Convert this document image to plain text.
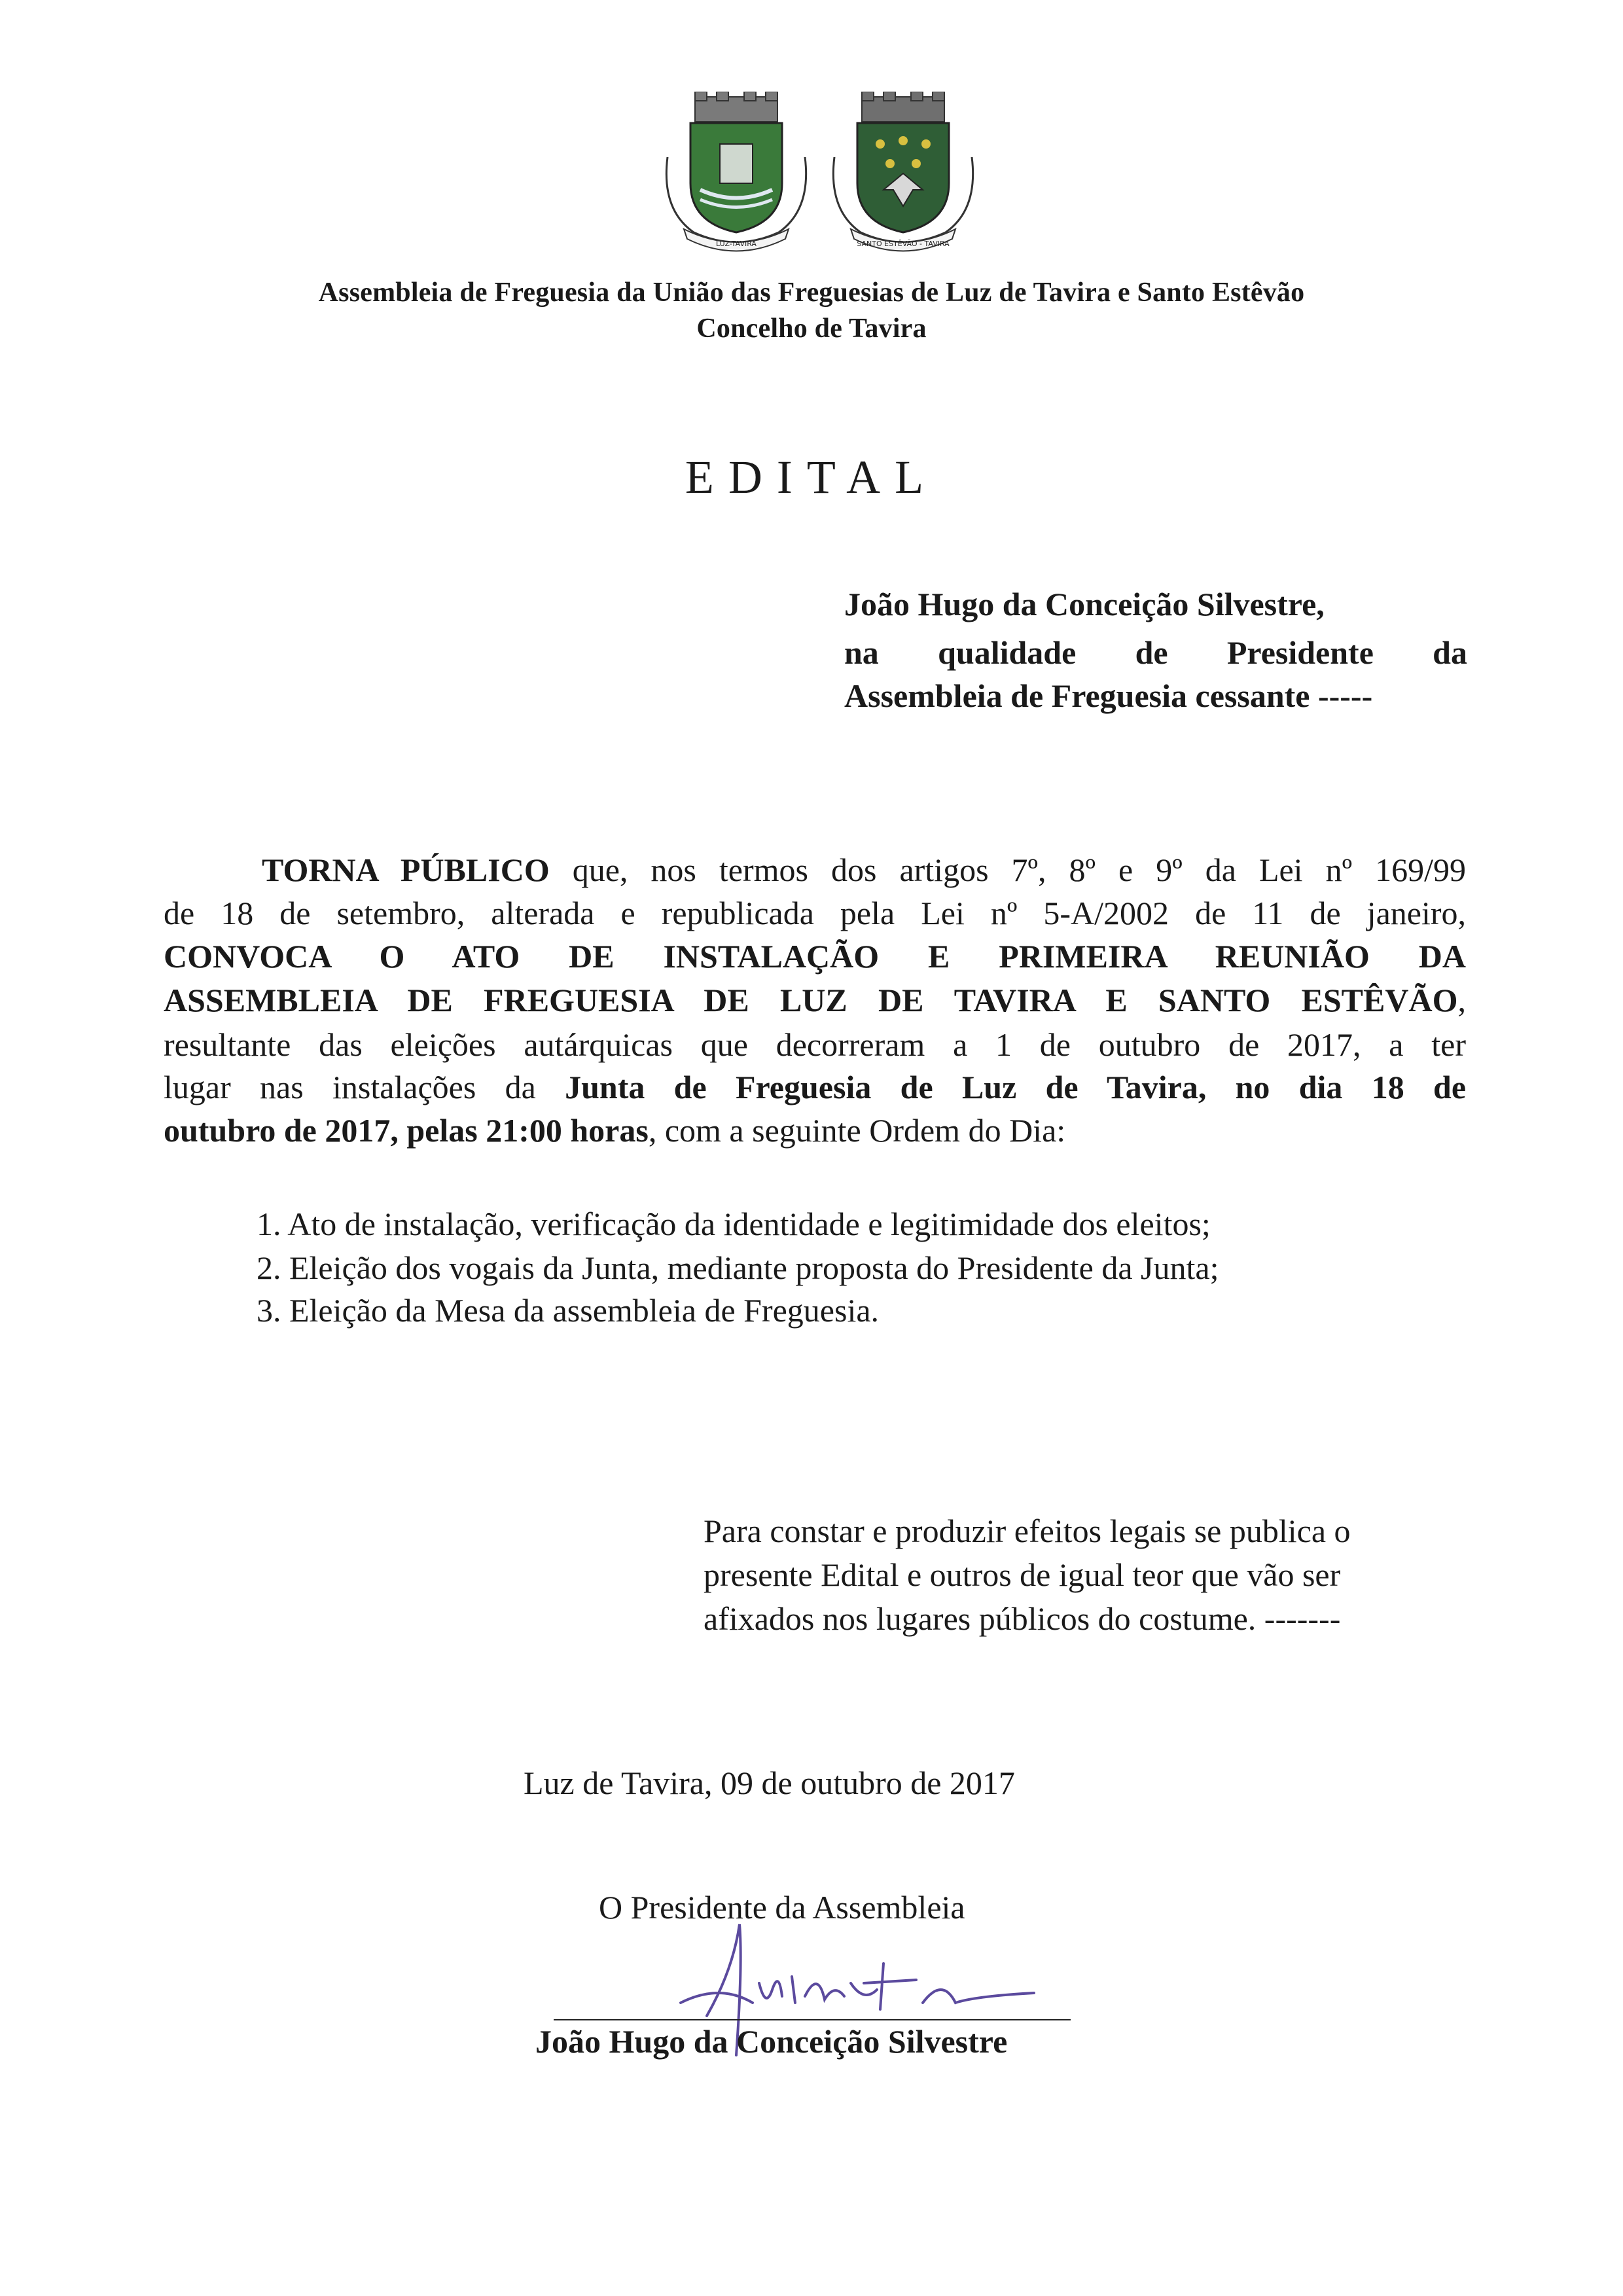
LUZ-TAVIRA	SANTO ESTÊVÃO - TAVIRA
Assembleia de Freguesia da União das Freguesias de Luz de Tavira e Santo Estêvão
Concelho de Tavira
EDITAL
João Hugo da Conceição Silvestre,
na qualidade de Presidente da
Assembleia de Freguesia cessante -----
TORNA PÚBLICO que, nos termos dos artigos 7º, 8º e 9º da Lei nº 169/99
de 18 de setembro, alterada e republicada pela Lei nº 5-A/2002 de 11 de janeiro,
CONVOCA O ATO DE INSTALAÇÃO E PRIMEIRA REUNIÃO DA
ASSEMBLEIA DE FREGUESIA DE LUZ DE TAVIRA E SANTO ESTÊVÃO,
resultante das eleições autárquicas que decorreram a 1 de outubro de 2017, a ter
lugar nas instalações da Junta de Freguesia de Luz de Tavira, no dia 18 de
outubro de 2017, pelas 21:00 horas, com a seguinte Ordem do Dia:
1. Ato de instalação, verificação da identidade e legitimidade dos eleitos;
2. Eleição dos vogais da Junta, mediante proposta do Presidente da Junta;
3. Eleição da Mesa da assembleia de Freguesia.
Para constar e produzir efeitos legais se publica o
presente Edital e outros de igual teor que vão ser
afixados nos lugares públicos do costume. -------
Luz de Tavira, 09 de outubro de 2017
O Presidente da Assembleia
João Hugo da Conceição Silvestre
